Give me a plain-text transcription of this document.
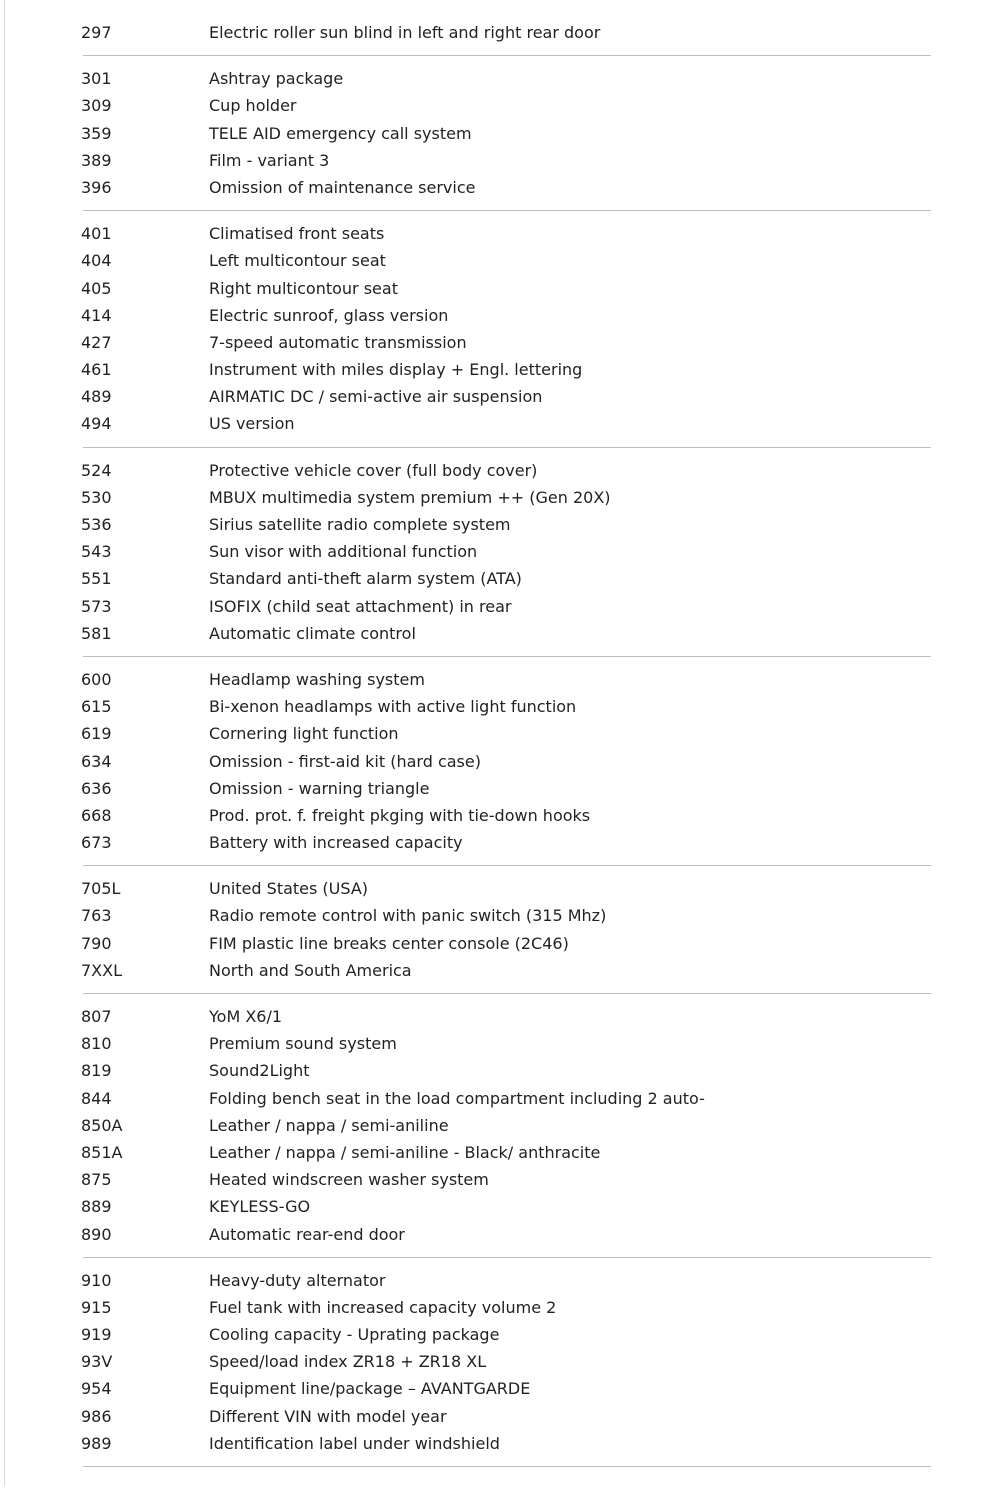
297	Electric roller sun blind in left and right rear door
301	Ashtray package
309	Cup holder
359	TELE AID emergency call system
389	Film - variant 3
396	Omission of maintenance service
401	Climatised front seats
404	Left multicontour seat
405	Right multicontour seat
414	Electric sunroof, glass version
427	7-speed automatic transmission
461	Instrument with miles display + Engl. lettering
489	AIRMATIC DC / semi-active air suspension
494	US version
524	Protective vehicle cover (full body cover)
530	MBUX multimedia system premium ++ (Gen 20X)
536	Sirius satellite radio complete system
543	Sun visor with additional function
551	Standard anti-theft alarm system (ATA)
573	ISOFIX (child seat attachment) in rear
581	Automatic climate control
600	Headlamp washing system
615	Bi-xenon headlamps with active light function
619	Cornering light function
634	Omission - first-aid kit (hard case)
636	Omission - warning triangle
668	Prod. prot. f. freight pkging with tie-down hooks
673	Battery with increased capacity
705L	United States (USA)
763	Radio remote control with panic switch (315 Mhz)
790	FIM plastic line breaks center console (2C46)
7XXL	North and South America
807	YoM X6/1
810	Premium sound system
819	Sound2Light
844	Folding bench seat in the load compartment including 2 auto-
850A	Leather / nappa / semi-aniline
851A	Leather / nappa / semi-aniline - Black/ anthracite
875	Heated windscreen washer system
889	KEYLESS-GO
890	Automatic rear-end door
910	Heavy-duty alternator
915	Fuel tank with increased capacity volume 2
919	Cooling capacity - Uprating package
93V	Speed/load index ZR18 + ZR18 XL
954	Equipment line/package – AVANTGARDE
986	Different VIN with model year
989	Identification label under windshield
